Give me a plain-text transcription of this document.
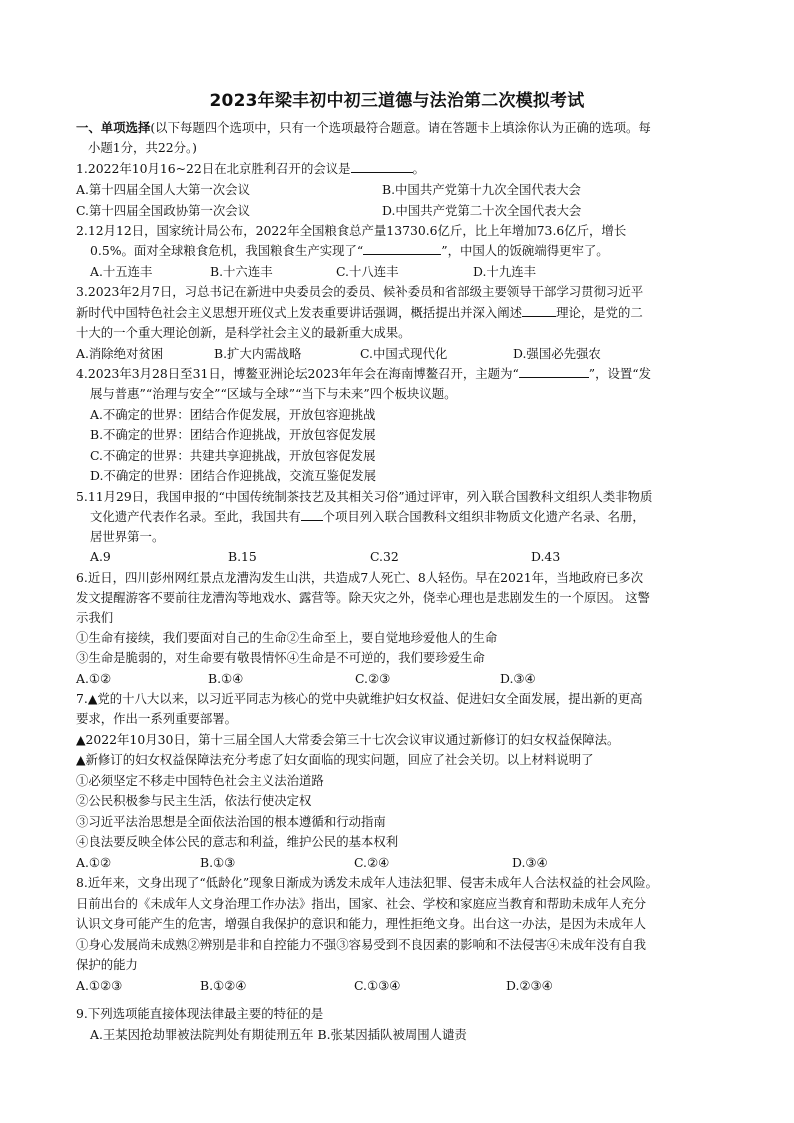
2023年梁丰初中初三道德与法治第二次模拟考试
一、单项选择(以下每题四个选项中，只有一个选项最符合题意。请在答题卡上填涂你认为正确的选项。每
小题1分，共22分。)
1.2022年10月16~22日在北京胜利召开的会议是	。
A.第十四届全国人大第一次会议	B.中国共产党第十九次全国代表大会
C.第十四届全国政协第一次会议	D.中国共产党第二十次全国代表大会
2.12月12日，国家统计局公布，2022年全国粮食总产量13730.6亿斤，比上年增加73.6亿斤，增长
0.5%。面对全球粮食危机，我国粮食生产实现了“	”，中国人的饭碗端得更牢了。
A.十五连丰	B.十六连丰	C.十八连丰	D.十九连丰
3.2023年2月7日，习总书记在新进中央委员会的委员、候补委员和省部级主要领导干部学习贯彻习近平
新时代中国特色社会主义思想开班仪式上发表重要讲话强调，概括提出并深入阐述	理论，是党的二
十大的一个重大理论创新，是科学社会主义的最新重大成果。
A.消除绝对贫困	B.扩大内需战略	C.中国式现代化	D.强国必先强农
4.2023年3月28日至31日，博鳌亚洲论坛2023年年会在海南博鳌召开，主题为“	”，设置“发
展与普惠”“治理与安全”“区域与全球”“当下与未来”四个板块议题。
A.不确定的世界：团结合作促发展，开放包容迎挑战
B.不确定的世界：团结合作迎挑战，开放包容促发展
C.不确定的世界：共建共享迎挑战，开放包容促发展
D.不确定的世界：团结合作迎挑战，交流互鉴促发展
5.11月29日，我国申报的“中国传统制茶技艺及其相关习俗”通过评审，列入联合国教科文组织人类非物质
文化遗产代表作名录。至此，我国共有 个项目列入联合国教科文组织非物质文化遗产名录、名册，
居世界第一。
A.9	B.15	C.32	D.43
6.近日，四川彭州网红景点龙漕沟发生山洪，共造成7人死亡、8人轻伤。早在2021年，当地政府已多次
发文提醒游客不要前往龙漕沟等地戏水、露营等。除天灾之外，侥幸心理也是悲剧发生的一个原因。 这警
示我们
①生命有接续，我们要面对自己的生命②生命至上，要自觉地珍爱他人的生命
③生命是脆弱的，对生命要有敬畏情怀④生命是不可逆的，我们要珍爱生命
A.①②	B.①④	C.②③	D.③④
7.▲党的十八大以来，以习近平同志为核心的党中央就维护妇女权益、促进妇女全面发展，提出新的更高
要求，作出一系列重要部署。
▲2022年10月30日，第十三届全国人大常委会第三十七次会议审议通过新修订的妇女权益保障法。
▲新修订的妇女权益保障法充分考虑了妇女面临的现实问题，回应了社会关切。以上材料说明了
①必须坚定不移走中国特色社会主义法治道路
②公民积极参与民主生活，依法行使决定权
③习近平法治思想是全面依法治国的根本遵循和行动指南
④良法要反映全体公民的意志和利益，维护公民的基本权利
A.①②	B.①③	C.②④	D.③④
8.近年来，文身出现了“低龄化”现象日渐成为诱发未成年人违法犯罪、侵害未成年人合法权益的社会风险。
日前出台的《未成年人文身治理工作办法》指出，国家、社会、学校和家庭应当教育和帮助未成年人充分
认识文身可能产生的危害，增强自我保护的意识和能力，理性拒绝文身。出台这一办法，是因为未成年人
①身心发展尚未成熟②辨别是非和自控能力不强③容易受到不良因素的影响和不法侵害④未成年没有自我
保护的能力
A.①②③	B.①②④	C.①③④	D.②③④
9.下列选项能直接体现法律最主要的特征的是
A.王某因抢劫罪被法院判处有期徒刑五年 B.张某因插队被周围人谴责
